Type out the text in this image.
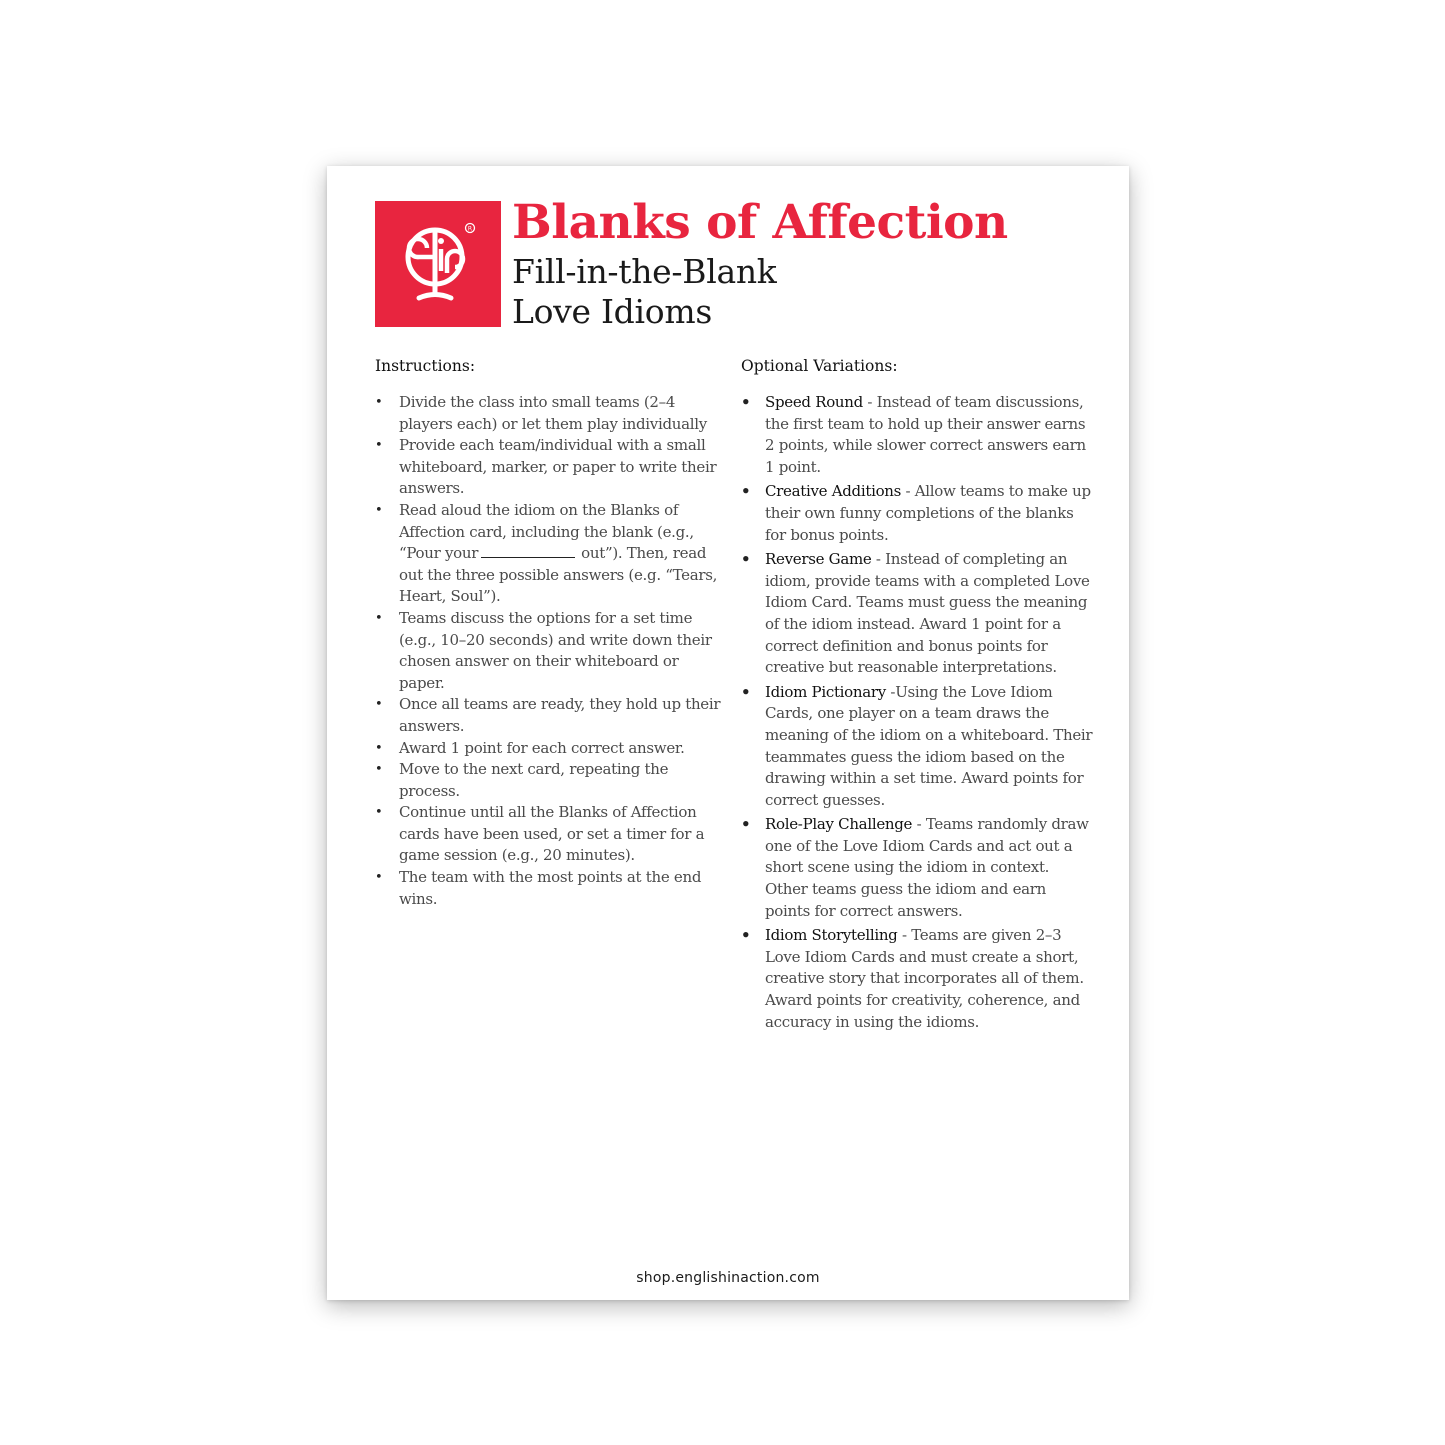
R Blanks of Affection
Fill-in-the-Blank
Love Idioms
Instructions:
• Divide the class into small teams (2–4 players each) or let them play individually
• Provide each team/individual with a small whiteboard, marker, or paper to write their answers.
• Read aloud the idiom on the Blanks of Affection card, including the blank (e.g., “Pour your	out”). Then, read out the three possible answers (e.g. “Tears, Heart, Soul”).
• Teams discuss the options for a set time (e.g., 10–20 seconds) and write down their chosen answer on their whiteboard or paper.
• Once all teams are ready, they hold up their answers.
• Award 1 point for each correct answer.
• Move to the next card, repeating the process.
• Continue until all the Blanks of Affection cards have been used, or set a timer for a game session (e.g., 20 minutes).
• The team with the most points at the end wins.
Optional Variations:
• Speed Round - Instead of team discussions, the first team to hold up their answer earns 2 points, while slower correct answers earn 1 point.
• Creative Additions - Allow teams to make up their own funny completions of the blanks for bonus points.
• Reverse Game - Instead of completing an idiom, provide teams with a completed Love Idiom Card. Teams must guess the meaning of the idiom instead. Award 1 point for a correct definition and bonus points for creative but reasonable interpretations.
• Idiom Pictionary -Using the Love Idiom Cards, one player on a team draws the meaning of the idiom on a whiteboard. Their teammates guess the idiom based on the drawing within a set time. Award points for correct guesses.
• Role-Play Challenge - Teams randomly draw one of the Love Idiom Cards and act out a short scene using the idiom in context. Other teams guess the idiom and earn points for correct answers.
• Idiom Storytelling - Teams are given 2–3 Love Idiom Cards and must create a short, creative story that incorporates all of them. Award points for creativity, coherence, and accuracy in using the idioms.
shop.englishinaction.com
